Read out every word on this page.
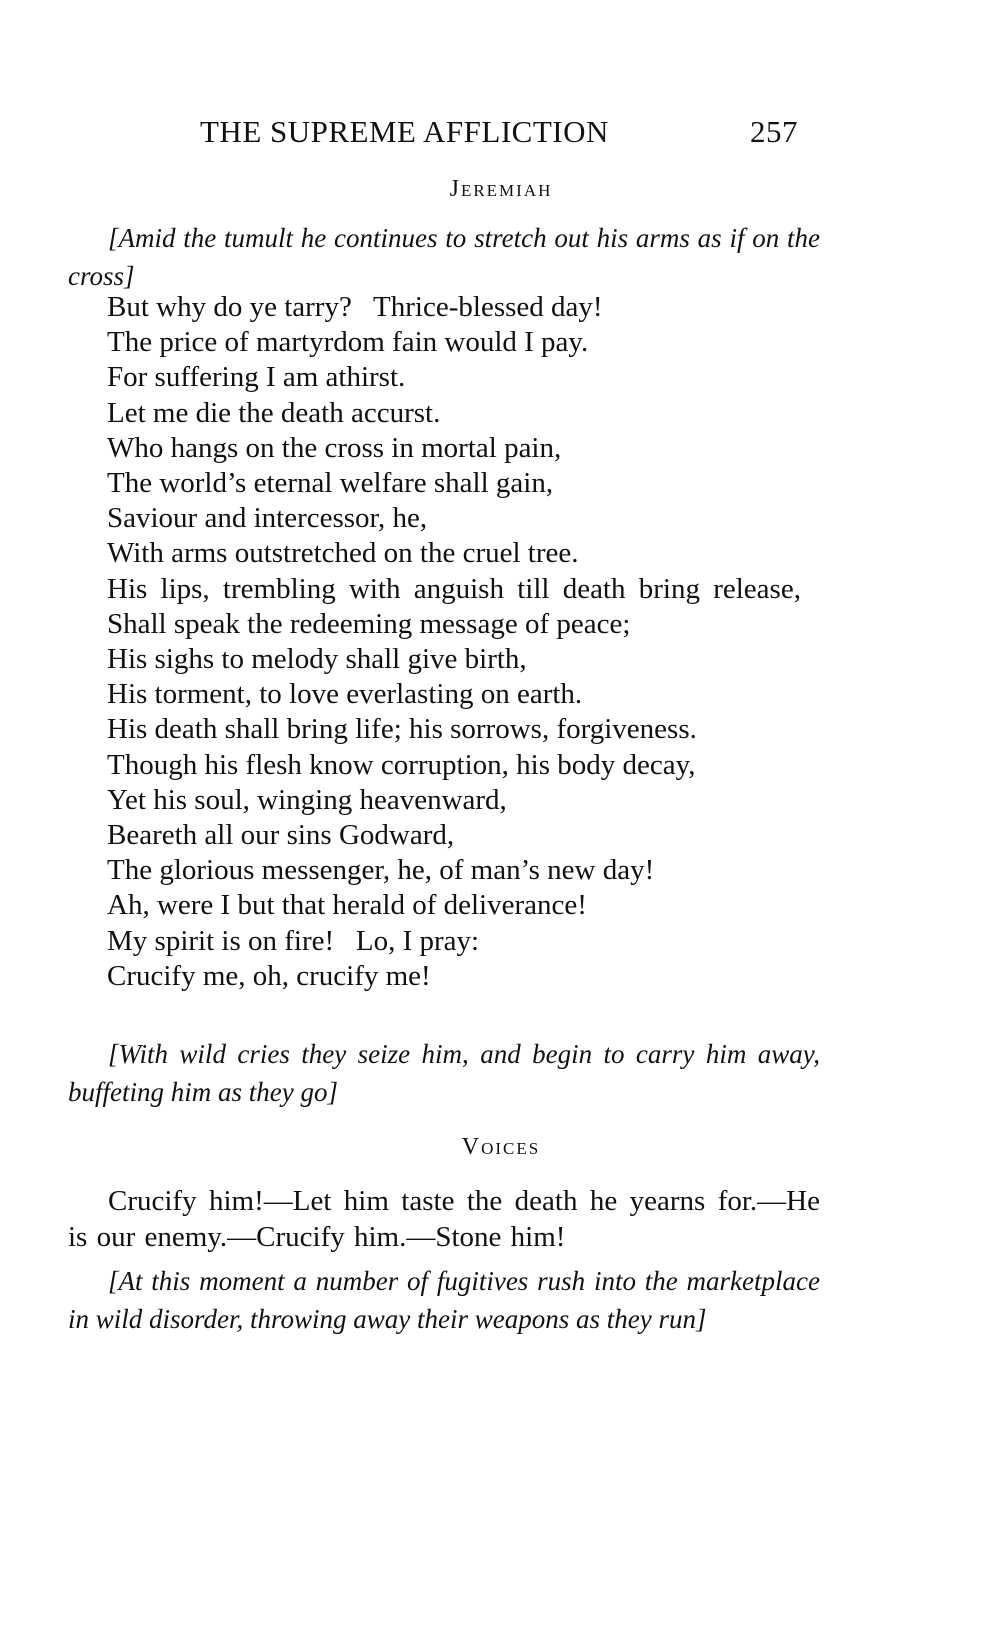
THE SUPREME AFFLICTION	257
Jeremiah
[Amid the tumult he continues to stretch out his arms as if on the cross]
But why do ye tarry?   Thrice-blessed day!
The price of martyrdom fain would I pay.
For suffering I am athirst.
Let me die the death accurst.
Who hangs on the cross in mortal pain,
The world’s eternal welfare shall gain,
Saviour and intercessor, he,
With arms outstretched on the cruel tree.
His lips, trembling with anguish till death bring release,
Shall speak the redeeming message of peace;
His sighs to melody shall give birth,
His torment, to love everlasting on earth.
His death shall bring life; his sorrows, forgiveness.
Though his flesh know corruption, his body decay,
Yet his soul, winging heavenward,
Beareth all our sins Godward,
The glorious messenger, he, of man’s new day!
Ah, were I but that herald of deliverance!
My spirit is on fire!   Lo, I pray:
Crucify me, oh, crucify me!
[With wild cries they seize him, and begin to carry him away, buffeting him as they go]
Voices
Crucify him!—Let him taste the death he yearns for.—He is our enemy.—Crucify him.—Stone him!
[At this moment a number of fugitives rush into the marketplace in wild disorder, throwing away their weapons as they run]
